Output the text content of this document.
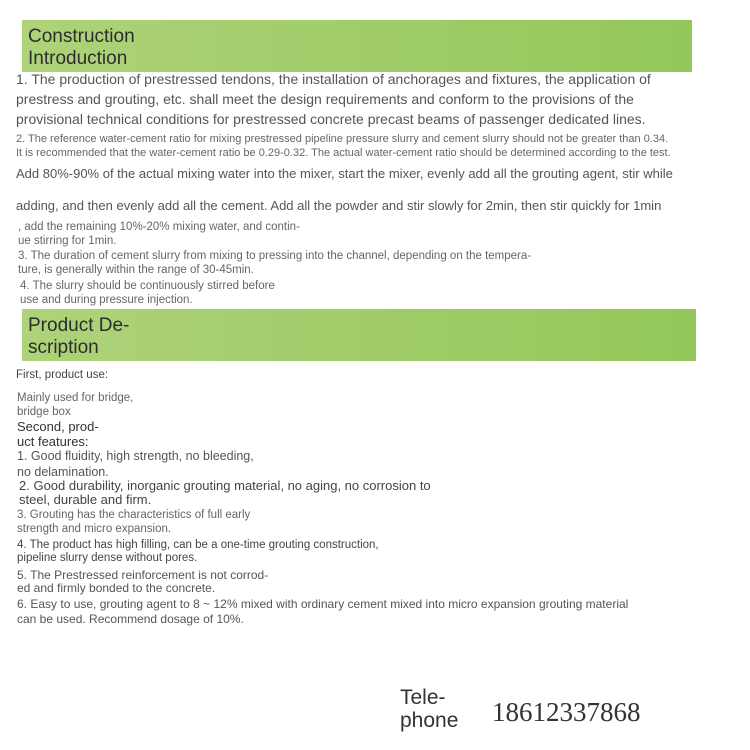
Construction
Introduction

1. The production of prestressed tendons, the installation of anchorages and fixtures, the application of
prestress and grouting, etc. shall meet the design requirements and conform to the provisions of the
provisional technical conditions for prestressed concrete precast beams of passenger dedicated lines.

2. The reference water-cement ratio for mixing prestressed pipeline pressure slurry and cement slurry should not be greater than 0.34.
It is recommended that the water-cement ratio be 0.29-0.32. The actual water-cement ratio should be determined according to the test.

Add 80%-90% of the actual mixing water into the mixer, start the mixer, evenly add all the grouting agent, stir while

adding, and then evenly add all the cement. Add all the powder and stir slowly for 2min, then stir quickly for 1min

, add the remaining 10%-20% mixing water, and contin-
ue stirring for 1min.

3. The duration of cement slurry from mixing to pressing into the channel, depending on the tempera-
ture, is generally within the range of 30-45min.

4. The slurry should be continuously stirred before
use and during pressure injection.

Product De-
scription

First, product use:

Mainly used for bridge,
bridge box

Second, prod-
uct features:

1. Good fluidity, high strength, no bleeding,
no delamination.

2. Good durability, inorganic grouting material, no aging, no corrosion to
steel, durable and firm.

3. Grouting has the characteristics of full early
strength and micro expansion.

4. The product has high filling, can be a one-time grouting construction,
pipeline slurry dense without pores.

5. The Prestressed reinforcement is not corrod-
ed and firmly bonded to the concrete.

6. Easy to use, grouting agent to 8 ~ 12% mixed with ordinary cement mixed into micro expansion grouting material
can be used. Recommend dosage of 10%.

Tele-
phone 18612337868
